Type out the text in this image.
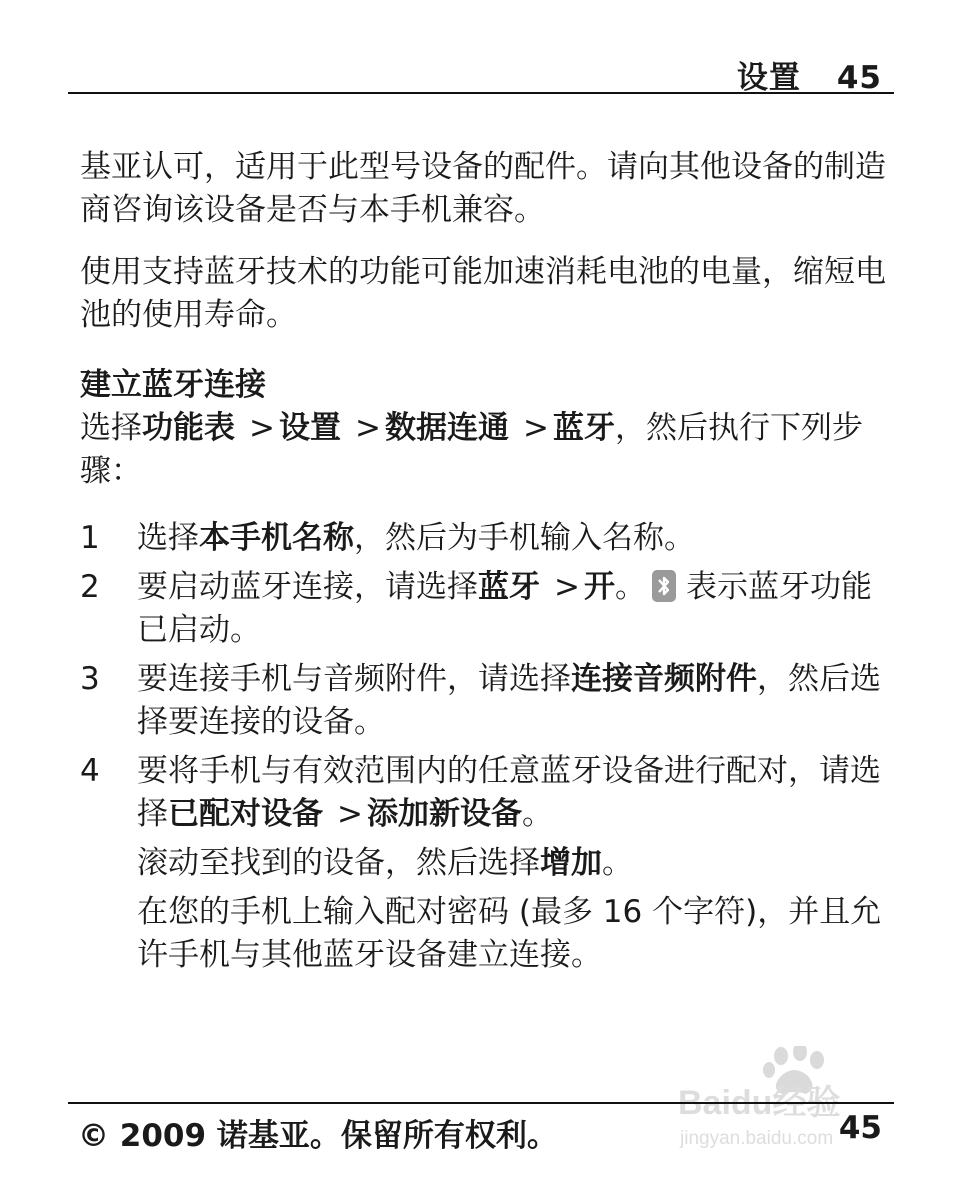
设置 45

基亚认可，适用于此型号设备的配件。请向其他设备的制造商咨询该设备是否与本手机兼容。

使用支持蓝牙技术的功能可能加速消耗电池的电量，缩短电池的使用寿命。

建立蓝牙连接

选择功能表 > 设置 > 数据连通 > 蓝牙，然后执行下列步骤：

1	选择本手机名称，然后为手机输入名称。
2	要启动蓝牙连接，请选择蓝牙 > 开。 表示蓝牙功能已启动。
3	要连接手机与音频附件，请选择连接音频附件，然后选择要连接的设备。
4	要将手机与有效范围内的任意蓝牙设备进行配对，请选择已配对设备 > 添加新设备。

滚动至找到的设备，然后选择增加。

在您的手机上输入配对密码 (最多 16 个字符)，并且允许手机与其他蓝牙设备建立连接。

Baidu经验
jingyan.baidu.com
© 2009 诺基亚。保留所有权利。	45
